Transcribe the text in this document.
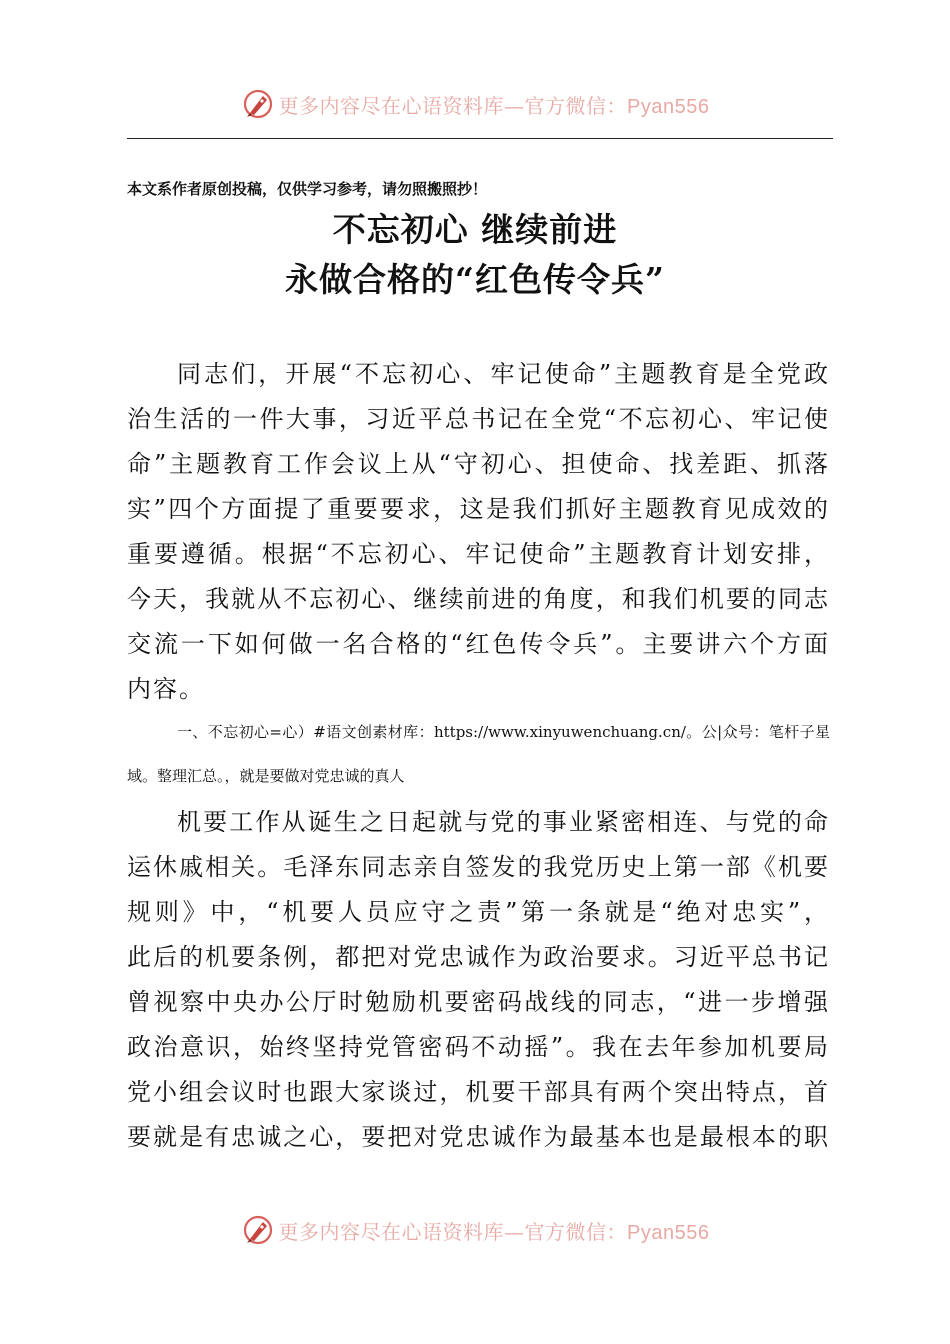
更多内容尽在心语资料库—官方微信：Pyan556
本文系作者原创投稿，仅供学习参考，请勿照搬照抄！
不忘初心 继续前进
永做合格的“红色传令兵”
同志们，开展“不忘初心、牢记使命”主题教育是全党政
治生活的一件大事，习近平总书记在全党“不忘初心、牢记使
命”主题教育工作会议上从“守初心、担使命、找差距、抓落
实”四个方面提了重要要求，这是我们抓好主题教育见成效的
重要遵循。根据“不忘初心、牢记使命”主题教育计划安排，
今天，我就从不忘初心、继续前进的角度，和我们机要的同志
交流一下如何做一名合格的“红色传令兵”。主要讲六个方面
内容。
一、不忘初心=心）#语文创素材库：https://www.xinyuwenchuang.cn/。公|众号：笔杆子星
域。整理汇总。，就是要做对党忠诚的真人
机要工作从诞生之日起就与党的事业紧密相连、与党的命
运休戚相关。毛泽东同志亲自签发的我党历史上第一部《机要
规则》中，“机要人员应守之责”第一条就是“绝对忠实”，
此后的机要条例，都把对党忠诚作为政治要求。习近平总书记
曾视察中央办公厅时勉励机要密码战线的同志，“进一步增强
政治意识，始终坚持党管密码不动摇”。我在去年参加机要局
党小组会议时也跟大家谈过，机要干部具有两个突出特点，首
要就是有忠诚之心，要把对党忠诚作为最基本也是最根本的职
更多内容尽在心语资料库—官方微信：Pyan556
